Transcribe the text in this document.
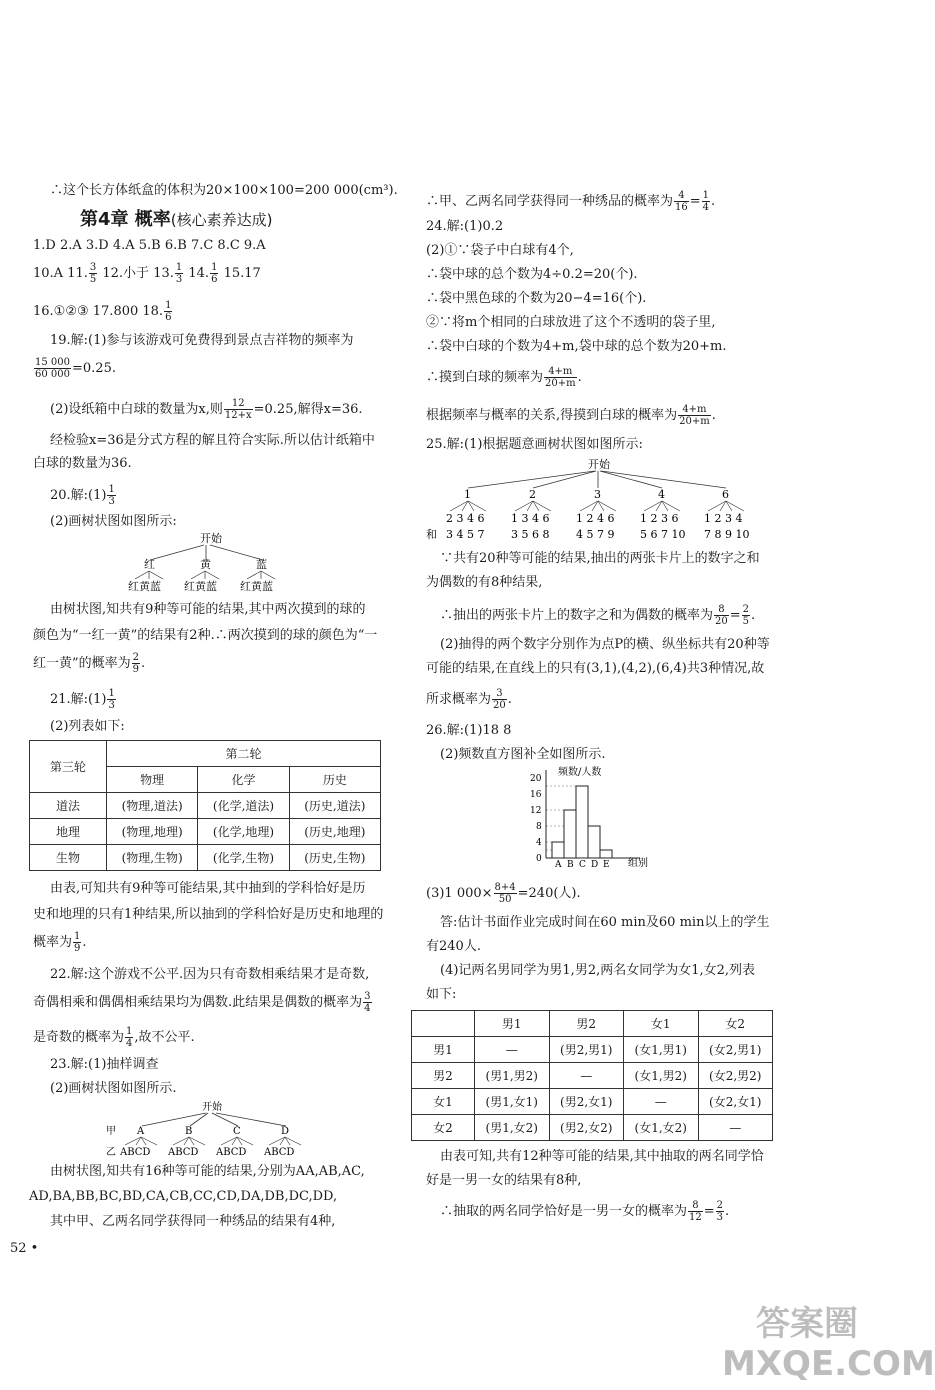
∴这个长方体纸盒的体积为20×100×100=200 000(cm³).
第4章 概率(核心素养达成)
1.D 2.A 3.D 4.A 5.B 6.B 7.C 8.C 9.A
10.A 11. $\frac{3}{5} 12$.小于 13. $\frac{1}{3} 14$. $\frac{1}{6} 15.17$
16.①②③ 17.800 18. $\frac{1}{6}$
19.解:(1)参与该游戏可免费得到景点吉祥物的频率为
$\frac{15 000}{60 000} =0.25$.
(2)设纸箱中白球的数量为x,则 $\frac{12}{12+x} =0.25$,解得x=36.
经检验x=36是分式方程的解且符合实际.所以估计纸箱中
白球的数量为36.
20.解:(1) $\frac{1}{3}$
(2)画树状图如图所示:
开始
红	黄	蓝
红黄蓝 红黄蓝 红黄蓝
由树状图,知共有9种等可能的结果,其中两次摸到的球的
颜色为“一红一黄”的结果有2种.∴两次摸到的球的颜色为“一
红一黄”的概率为 $\frac{2}{9}$ .
21.解:(1) $\frac{1}{3}$
(2)列表如下:
第三轮	第二轮		
	物理	化学	历史
道法	(物理,道法)	(化学,道法)	(历史,道法)
地理	(物理,地理)	(化学,地理)	(历史,地理)
生物	(物理,生物)	(化学,生物)	(历史,生物)
由表,可知共有9种等可能结果,其中抽到的学科恰好是历
史和地理的只有1种结果,所以抽到的学科恰好是历史和地理的
概率为 $\frac{1}{9}$ .
22.解:这个游戏不公平.因为只有奇数相乘结果才是奇数,
奇偶相乘和偶偶相乘结果均为偶数.此结果是偶数的概率为 $\frac{3}{4}$
是奇数的概率为 $\frac{1}{4}$ ,故不公平.
23.解:(1)抽样调查
(2)画树状图如图所示.
开始
甲 A	B	C	D
乙 ABCD ABCD ABCD ABCD
由树状图,知共有16种等可能的结果,分别为AA,AB,AC,
AD,BA,BB,BC,BD,CA,CB,CC,CD,DA,DB,DC,DD,
其中甲、乙两名同学获得同一种绣品的结果有4种,
52 •
∴甲、乙两名同学获得同一种绣品的概率为 $\frac{4}{16} = \frac{1}{4}$ .
24.解:(1)0.2
(2)①∵袋子中白球有4个,
∴袋中球的总个数为4÷0.2=20(个).
∴袋中黑色球的个数为20−4=16(个).
②∵将m个相同的白球放进了这个不透明的袋子里,
∴袋中白球的个数为4+m,袋中球的总个数为20+m.
∴摸到白球的频率为 $\frac{4+m}{20+m}$ .
根据频率与概率的关系,得摸到白球的概率为 $\frac{4+m}{20+m}$ .
25.解:(1)根据题意画树状图如图所示:
开始
1	2	3	4	6
2 3 4 6 1 3 4 6 1 2 4 6 1 2 3 6 1 2 3 4
和 3 4 5 7 3 5 6 8 4 5 7 9 5 6 7 10 7 8 9 10
∵共有20种等可能的结果,抽出的两张卡片上的数字之和
为偶数的有8种结果,
∴抽出的两张卡片上的数字之和为偶数的概率为 $\frac{8}{20} = \frac{2}{5}$ .
(2)抽得的两个数字分别作为点P的横、纵坐标共有20种等
可能的结果,在直线上的只有(3,1),(4,2),(6,4)共3种情况,故
所求概率为 $\frac{3}{20}$ .
26.解:(1)18 8
(2)频数直方图补全如图所示.
频数/人数
0
4
8
12
16
20
A B C D E 组别
(3)1 $000\times \frac{8+4}{50} =240$(人).
答:估计书面作业完成时间在60 min及60 min以上的学生
有240人.
(4)记两名男同学为男1,男2,两名女同学为女1,女2,列表
如下:
	男1	男2	女1	女2
男1	—	(男2,男1)	(女1,男1)	(女2,男1)
男2	(男1,男2)	—	(女1,男2)	(女2,男2)
女1	(男1,女1)	(男2,女1)	—	(女2,女1)
女2	(男1,女2)	(男2,女2)	(女1,女2)	—
由表可知,共有12种等可能的结果,其中抽取的两名同学恰
好是一男一女的结果有8种,
∴抽取的两名同学恰好是一男一女的概率为 $\frac{8}{12} = \frac{2}{3}$ .
答案圈 MXQE.COM
